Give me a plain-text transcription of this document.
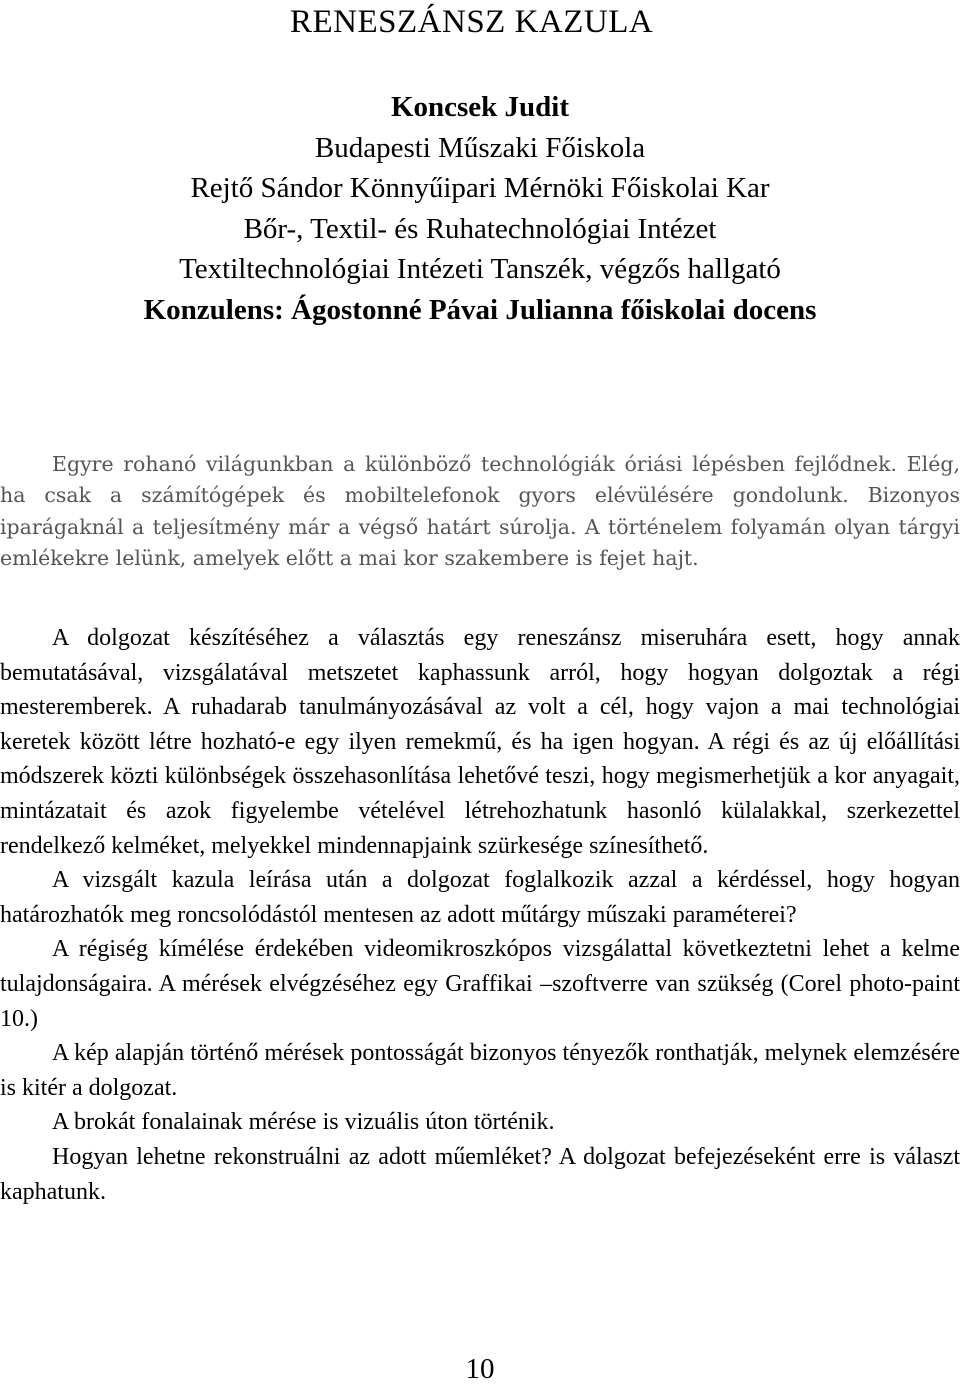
RENESZÁNSZ KAZULA
Koncsek Judit
Budapesti Műszaki Főiskola
Rejtő Sándor Könnyűipari Mérnöki Főiskolai Kar
Bőr-, Textil- és Ruhatechnológiai Intézet
Textiltechnológiai Intézeti Tanszék, végzős hallgató
Konzulens: Ágostonné Pávai Julianna főiskolai docens

Egyre rohanó világunkban a különböző technológiák óriási lépésben fejlődnek. Elég, ha csak a számítógépek és mobiltelefonok gyors elévülésére gondolunk. Bizonyos iparágaknál a teljesítmény már a végső határt súrolja. A történelem folyamán olyan tárgyi emlékekre lelünk, amelyek előtt a mai kor szakembere is fejet hajt.

A dolgozat készítéséhez a választás egy reneszánsz miseruhára esett, hogy annak bemutatásával, vizsgálatával metszetet kaphassunk arról, hogy hogyan dolgoztak a régi mesteremberek. A ruhadarab tanulmányozásával az volt a cél, hogy vajon a mai technológiai keretek között létre hozható-e egy ilyen remekmű, és ha igen hogyan. A régi és az új előállítási módszerek közti különbségek összehasonlítása lehetővé teszi, hogy megismerhetjük a kor anyagait, mintázatait és azok figyelembe vételével létrehozhatunk hasonló külalakkal, szerkezettel rendelkező kelméket, melyekkel mindennapjaink szürkesége színesíthető.

A vizsgált kazula leírása után a dolgozat foglalkozik azzal a kérdéssel, hogy hogyan határozhatók meg roncsolódástól mentesen az adott műtárgy műszaki paraméterei?

A régiség kímélése érdekében videomikroszkópos vizsgálattal következtetni lehet a kelme tulajdonságaira. A mérések elvégzéséhez egy Graffikai –szoftverre van szükség (Corel photo-paint 10.)

A kép alapján történő mérések pontosságát bizonyos tényezők ronthatják, melynek elemzésére is kitér a dolgozat.

A brokát fonalainak mérése is vizuális úton történik.

Hogyan lehetne rekonstruálni az adott műemléket? A dolgozat befejezéseként erre is választ kaphatunk.

10
